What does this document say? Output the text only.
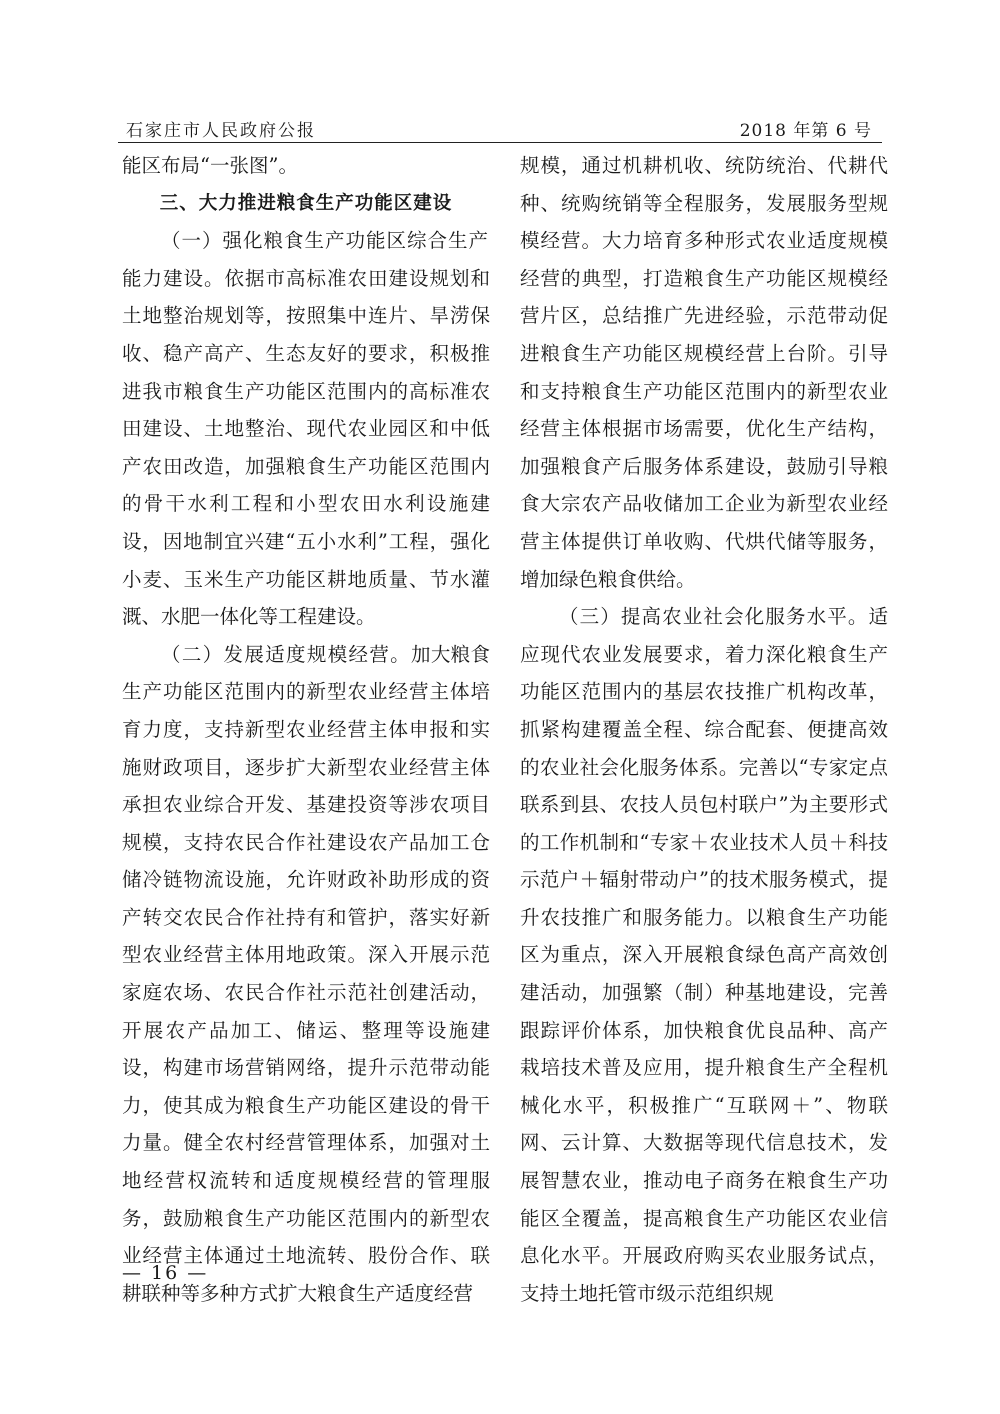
石家庄市人民政府公报	2018 年第 6 号

能区布局“一张图”。

三、大力推进粮食生产功能区建设

（一）强化粮食生产功能区综合生产

能力建设。依据市高标准农田建设规划和土地整治规划等，按照集中连片、旱涝保收、稳产高产、生态友好的要求，积极推进我市粮食生产功能区范围内的高标准农田建设、土地整治、现代农业园区和中低产农田改造，加强粮食生产功能区范围内的骨干水利工程和小型农田水利设施建设，因地制宜兴建“五小水利”工程，强化小麦、玉米生产功能区耕地质量、节水灌溉、水肥一体化等工程建设。

（二）发展适度规模经营。加大粮食生产功能区范围内的新型农业经营主体培育力度，支持新型农业经营主体申报和实施财政项目，逐步扩大新型农业经营主体承担农业综合开发、基建投资等涉农项目规模，支持农民合作社建设农产品加工仓储冷链物流设施，允许财政补助形成的资产转交农民合作社持有和管护，落实好新型农业经营主体用地政策。深入开展示范家庭农场、农民合作社示范社创建活动，开展农产品加工、储运、整理等设施建设，构建市场营销网络，提升示范带动能力，使其成为粮食生产功能区建设的骨干力量。健全农村经营管理体系，加强对土地经营权流转和适度规模经营的管理服务，鼓励粮食生产功能区范围内的新型农业经营主体通过土地流转、股份合作、联耕联种等多种方式扩大粮食生产适度经营

规模，通过机耕机收、统防统治、代耕代种、统购统销等全程服务，发展服务型规模经营。大力培育多种形式农业适度规模经营的典型，打造粮食生产功能区规模经营片区，总结推广先进经验，示范带动促进粮食生产功能区规模经营上台阶。引导和支持粮食生产功能区范围内的新型农业经营主体根据市场需要，优化生产结构，加强粮食产后服务体系建设，鼓励引导粮食大宗农产品收储加工企业为新型农业经营主体提供订单收购、代烘代储等服务，增加绿色粮食供给。

（三）提高农业社会化服务水平。适应现代农业发展要求，着力深化粮食生产功能区范围内的基层农技推广机构改革，抓紧构建覆盖全程、综合配套、便捷高效的农业社会化服务体系。完善以“专家定点联系到县、农技人员包村联户”为主要形式的工作机制和“专家＋农业技术人员＋科技示范户＋辐射带动户”的技术服务模式，提升农技推广和服务能力。以粮食生产功能区为重点，深入开展粮食绿色高产高效创建活动，加强繁（制）种基地建设，完善跟踪评价体系，加快粮食优良品种、高产栽培技术普及应用，提升粮食生产全程机械化水平，积极推广“互联网＋”、物联网、云计算、大数据等现代信息技术，发展智慧农业，推动电子商务在粮食生产功能区全覆盖，提高粮食生产功能区农业信息化水平。开展政府购买农业服务试点，支持土地托管市级示范组织规

— 16 —
